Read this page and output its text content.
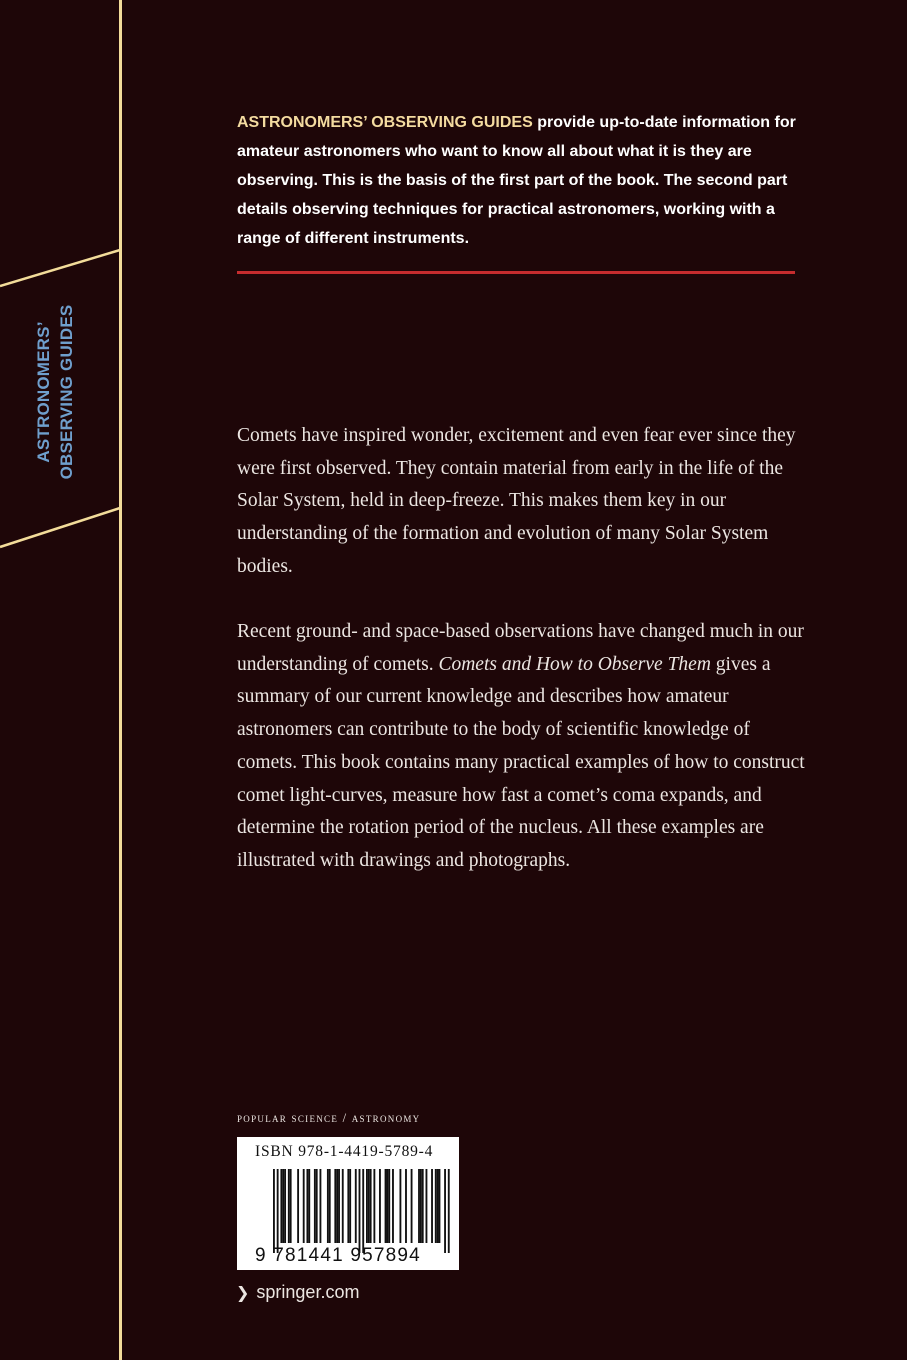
ASTRONOMERS’ OBSERVING GUIDES

ASTRONOMERS’ OBSERVING GUIDES provide up-to-date information for amateur astronomers who want to know all about what it is they are observing. This is the basis of the first part of the book. The second part details observing techniques for practical astronomers, working with a range of different instruments.

Comets have inspired wonder, excitement and even fear ever since they were first observed. They contain material from early in the life of the Solar System, held in deep-freeze. This makes them key in our understanding of the formation and evolution of many Solar System bodies.

Recent ground- and space-based observations have changed much in our understanding of comets. Comets and How to Observe Them gives a summary of our current knowledge and describes how amateur astronomers can contribute to the body of scientific knowledge of comets. This book contains many practical examples of how to construct comet light-curves, measure how fast a comet’s coma expands, and determine the rotation period of the nucleus. All these examples are illustrated with drawings and photographs.

popular science / astronomy
ISBN 978-1-4419-5789-4
9 781441 957894
❯ springer.com
